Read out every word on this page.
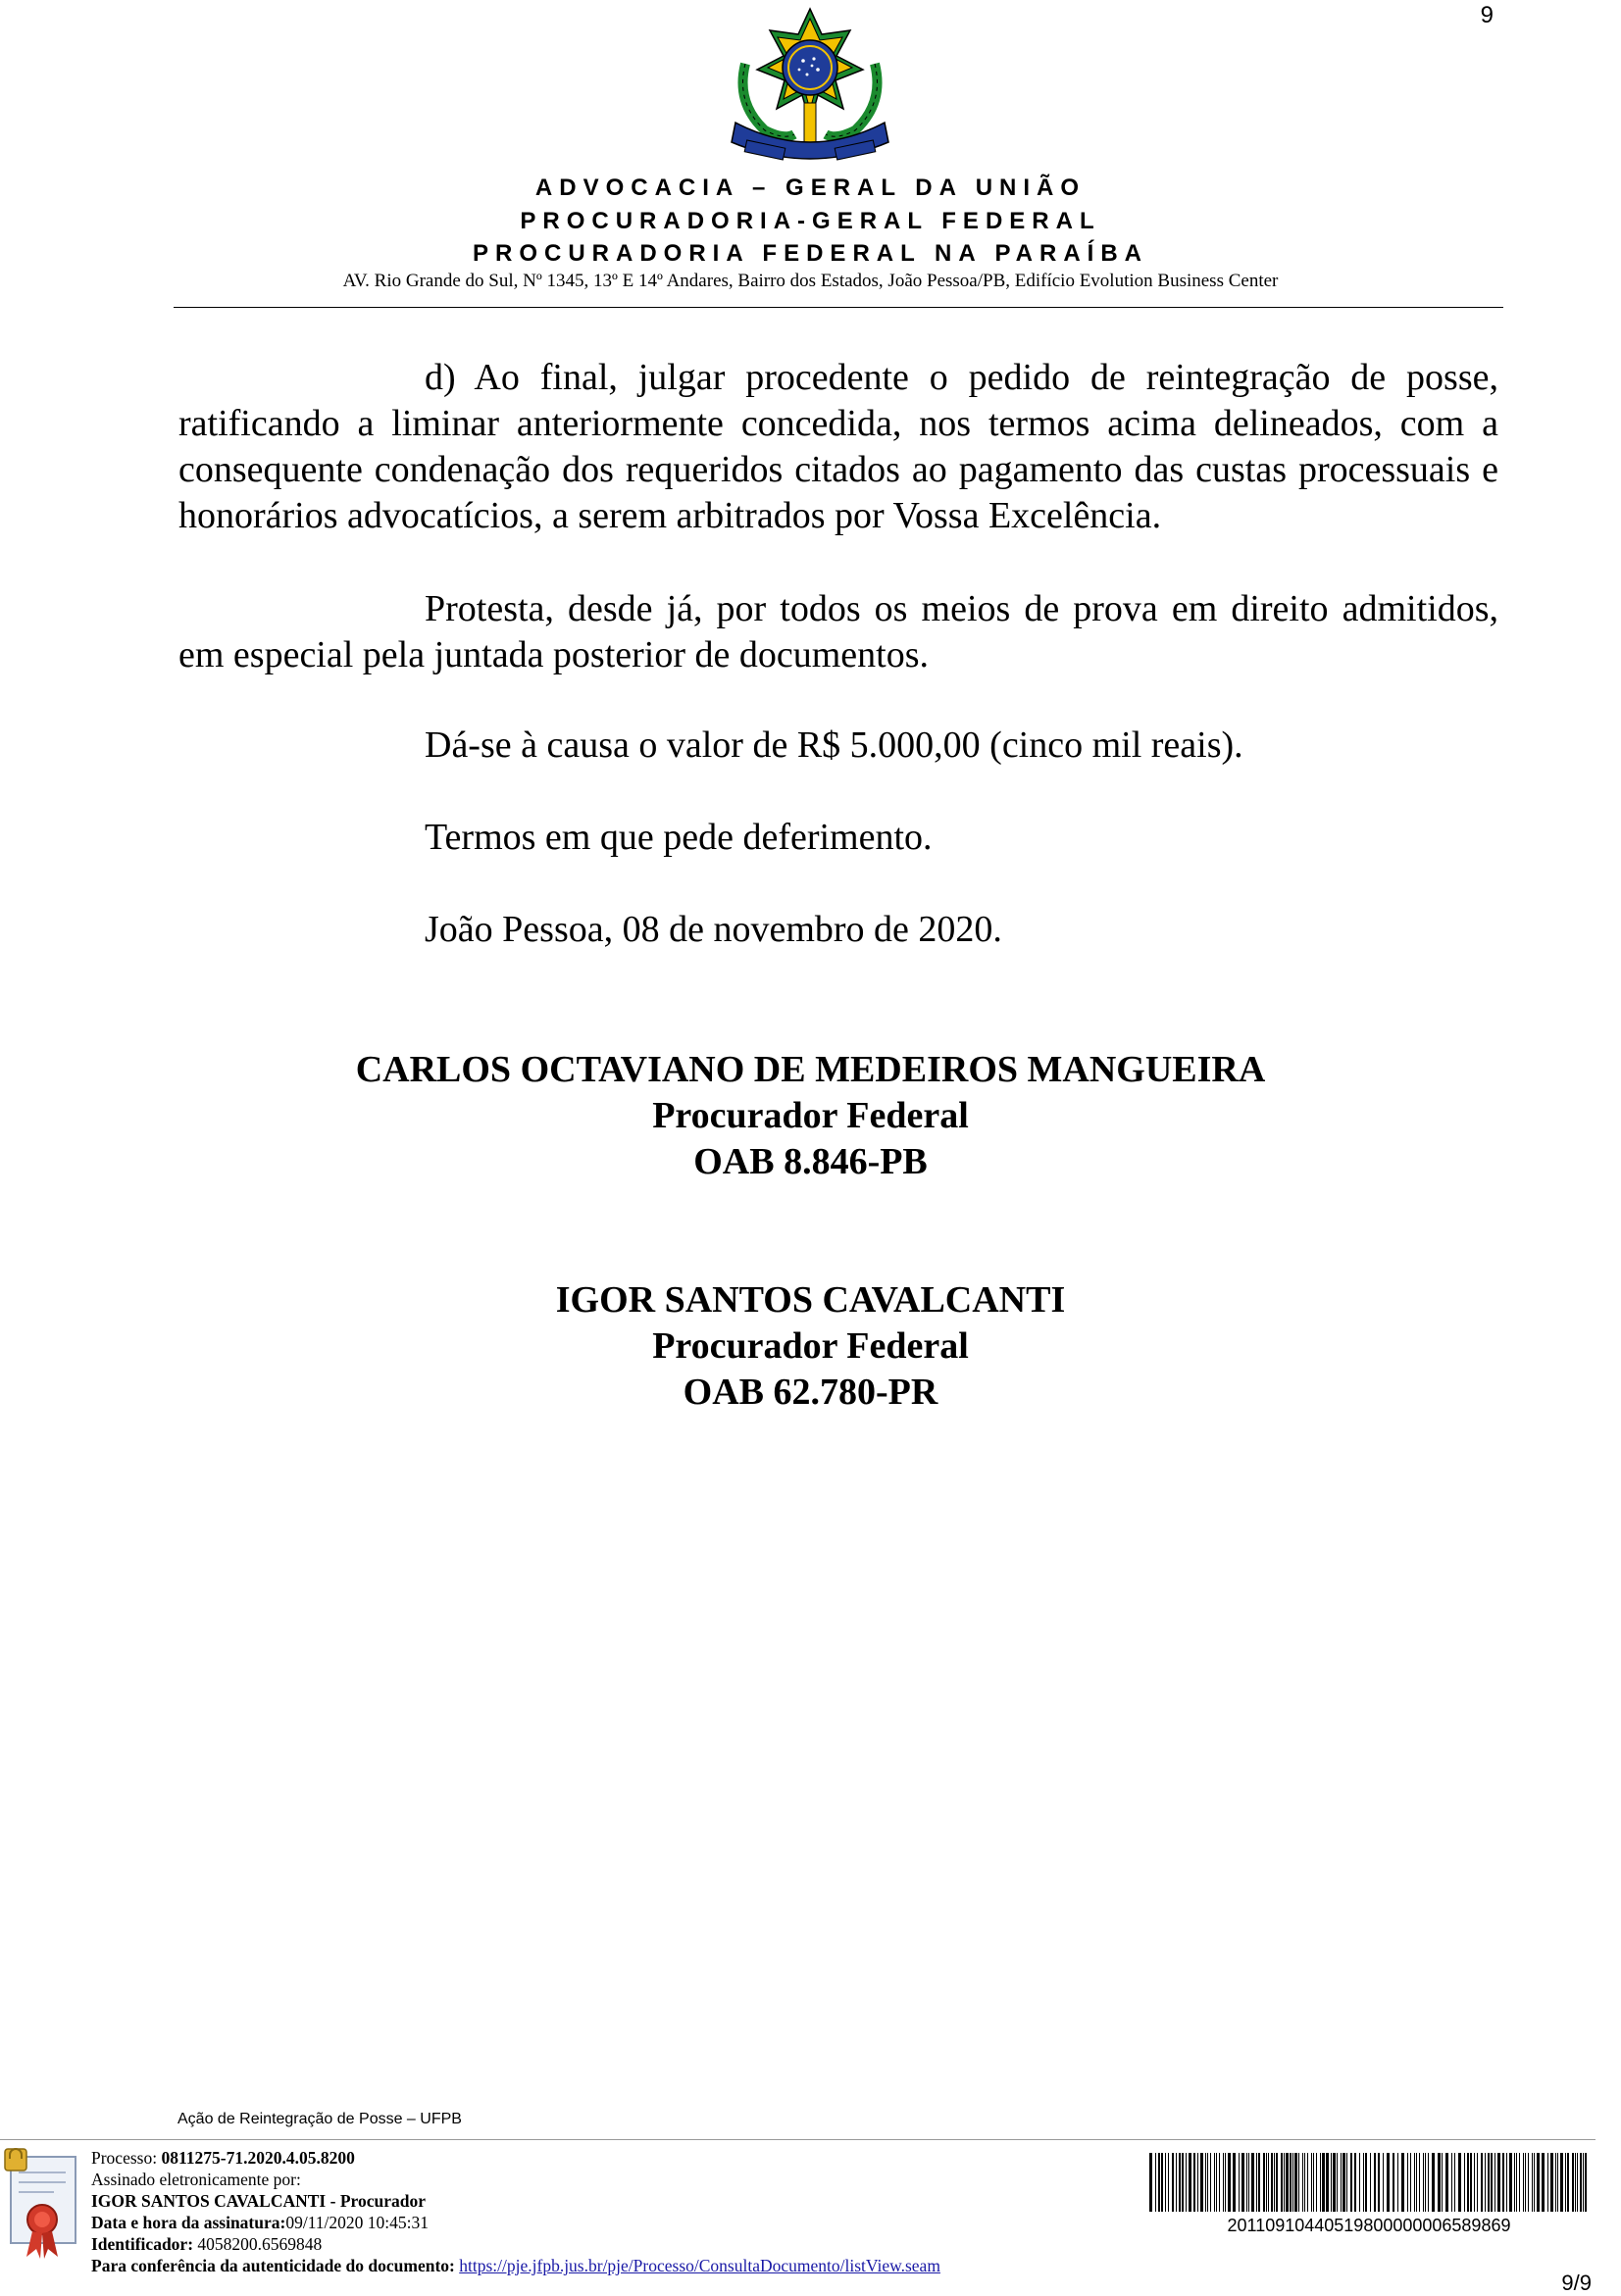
9
ADVOCACIA – GERAL DA UNIÃO
PROCURADORIA-GERAL FEDERAL
PROCURADORIA FEDERAL NA PARAÍBA
AV. Rio Grande do Sul, Nº 1345, 13º E 14º Andares, Bairro dos Estados, João Pessoa/PB, Edifício Evolution Business Center
d) Ao final, julgar procedente o pedido de reintegração de posse, ratificando a liminar anteriormente concedida, nos termos acima delineados, com a consequente condenação dos requeridos citados ao pagamento das custas processuais e honorários advocatícios, a serem arbitrados por Vossa Excelência.
Protesta, desde já, por todos os meios de prova em direito admitidos, em especial pela juntada posterior de documentos.
Dá-se à causa o valor de R$ 5.000,00 (cinco mil reais).
Termos em que pede deferimento.
João Pessoa, 08 de novembro de 2020.
CARLOS OCTAVIANO DE MEDEIROS MANGUEIRA
Procurador Federal
OAB 8.846-PB
IGOR SANTOS CAVALCANTI
Procurador Federal
OAB 62.780-PR
Ação de Reintegração de Posse – UFPB
Processo: 0811275-71.2020.4.05.8200
Assinado eletronicamente por:
IGOR SANTOS CAVALCANTI - Procurador
Data e hora da assinatura:09/11/2020 10:45:31
Identificador: 4058200.6569848
Para conferência da autenticidade do documento: https://pje.jfpb.jus.br/pje/Processo/ConsultaDocumento/listView.seam
20110910440519800000006589869
9/9
